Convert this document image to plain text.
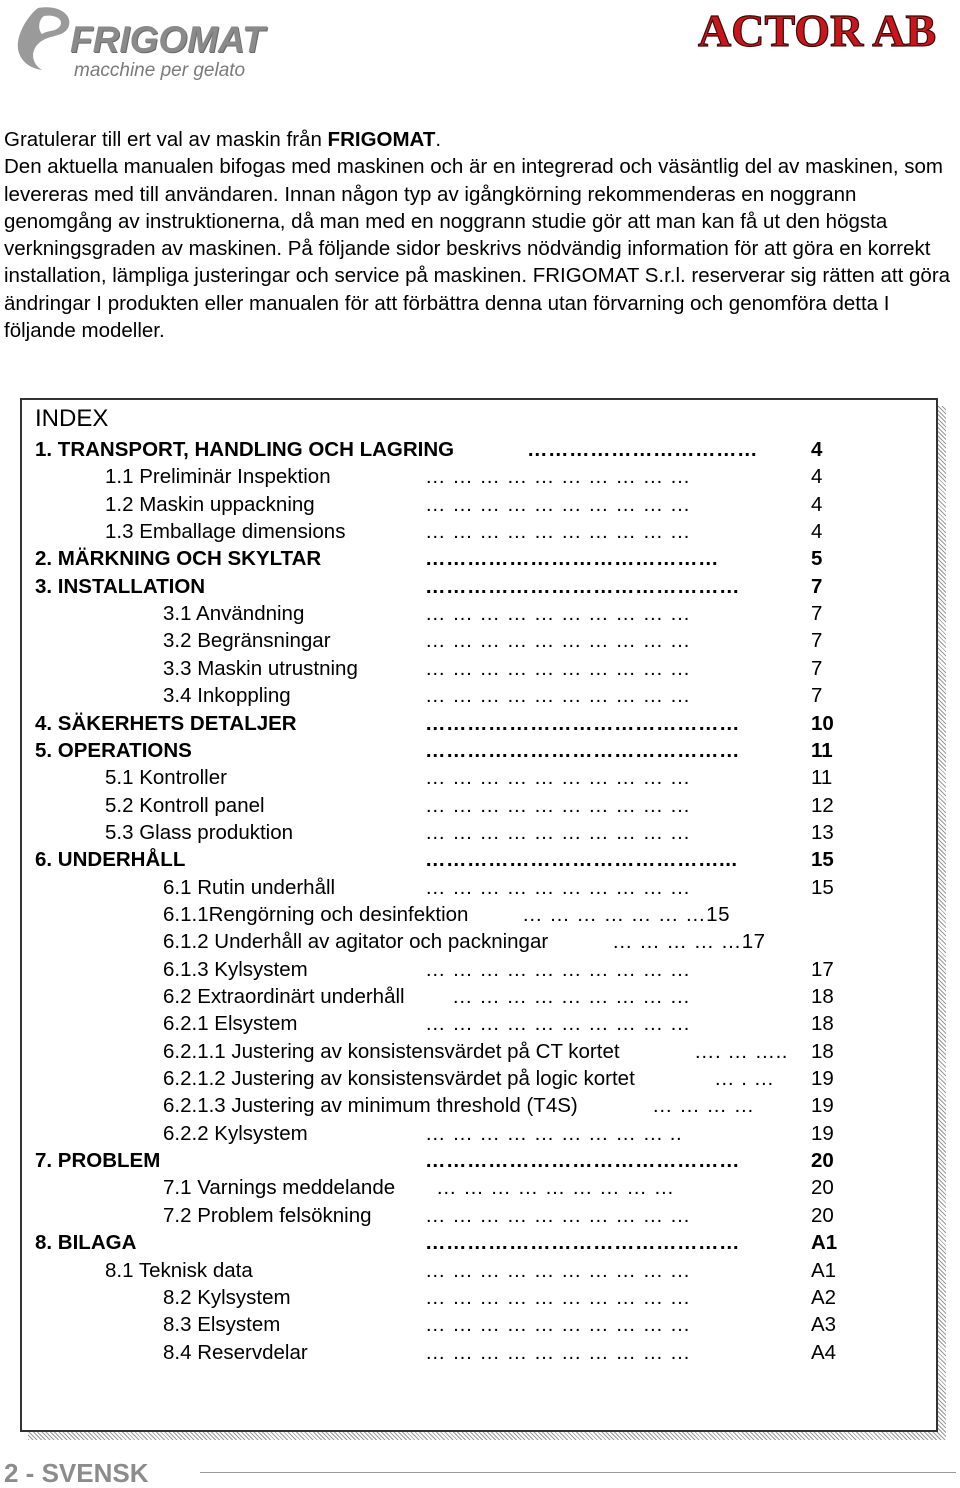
FRIGOMAT
macchine per gelato
ACTOR AB

Gratulerar till ert val av maskin från FRIGOMAT.

Den aktuella manualen bifogas med maskinen och är en integrerad och väsäntlig del av maskinen, som levereras med till användaren. Innan någon typ av igångkörning rekommenderas en noggrann genomgång av instruktionerna, då man med en noggrann studie gör att man kan få ut den högsta verkningsgraden av maskinen. På följande sidor beskrivs nödvändig information för att göra en korrekt installation, lämpliga justeringar och service på maskinen. FRIGOMAT S.r.l. reserverar sig rätten att göra ändringar I produkten eller manualen för att förbättra denna utan förvarning och genomföra detta I följande modeller.

INDEX
1. TRANSPORT, HANDLING OCH LAGRING	……………………………	4
1.1 Preliminär Inspektion	… … … … … … … … … …	4
1.2 Maskin uppackning	… … … … … … … … … …	4
1.3 Emballage dimensions	… … … … … … … … … …	4
2. MÄRKNING OCH SKYLTAR	……………………………………	5
3. INSTALLATION	………………………………………	7
3.1 Användning	… … … … … … … … … …	7
3.2 Begränsningar	… … … … … … … … … …	7
3.3 Maskin utrustning	… … … … … … … … … …	7
3.4 Inkoppling	… … … … … … … … … …	7
4. SÄKERHETS DETALJER	………………………………………	10
5. OPERATIONS	………………………………………	11
5.1 Kontroller	… … … … … … … … … …	11
5.2 Kontroll panel	… … … … … … … … … …	12
5.3 Glass produktion	… … … … … … … … … …	13
6. UNDERHÅLL	……………………………………...	15
6.1 Rutin underhåll	… … … … … … … … … …	15
6.1.1Rengörning och desinfektion	… … … … … … …15
6.1.2 Underhåll av agitator och packningar	… … … … …17
6.1.3 Kylsystem	… … … … … … … … … …	17
6.2 Extraordinärt underhåll … … … … … … … … …	18
6.2.1 Elsystem	… … … … … … … … … …	18
6.2.1.1 Justering av konsistensvärdet på CT kortet	…. … ….. 18
6.2.1.2 Justering av konsistensvärdet på logic kortet	… . … 19
6.2.1.3 Justering av minimum threshold (T4S)	… … … …	19
6.2.2 Kylsystem	… … … … … … … … … ..	19
7. PROBLEM	………………………………………	20
7.1 Varnings meddelande … … … … … … … … …	20
7.2 Problem felsökning	… … … … … … … … … …	20
8. BILAGA	………………………………………	A1
8.1 Teknisk data	… … … … … … … … … …	A1
8.2 Kylsystem	… … … … … … … … … …	A2
8.3 Elsystem	… … … … … … … … … …	A3
8.4 Reservdelar	… … … … … … … … … …	A4
2 - SVENSK
